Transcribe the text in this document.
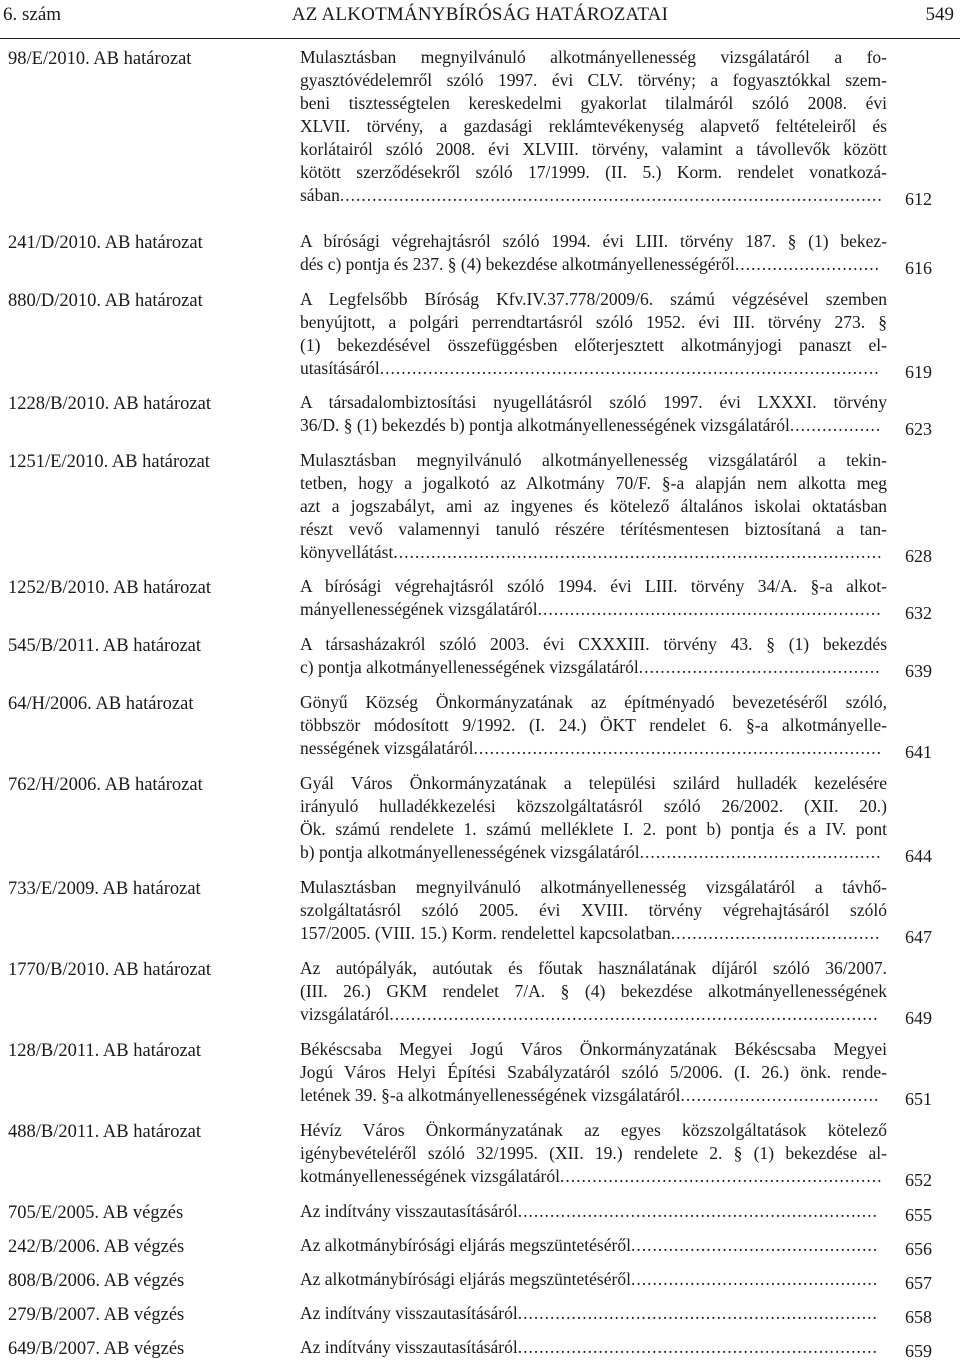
6. szám	AZ ALKOTMÁNYBÍRÓSÁG HATÁROZATAI	549
98/E/2010. AB határozat	Mulasztásban megnyilvánuló alkotmányellenesség vizsgálatáról a fo-
gyasztóvédelemről szóló 1997. évi CLV. törvény; a fogyasztókkal szem-
beni tisztességtelen kereskedelmi gyakorlat tilalmáról szóló 2008. évi
XLVII. törvény, a gazdasági reklámtevékenység alapvető feltételeiről és
korlátairól szóló 2008. évi XLVIII. törvény, valamint a távollevők között
kötött szerződésekről szóló 17/1999. (II. 5.) Korm. rendelet vonatkozá-
sában..................................................................................................... 612
241/D/2010. AB határozat	A bírósági végrehajtásról szóló 1994. évi LIII. törvény 187. § (1) bekez-
dés c) pontja és 237. § (4) bekezdése alkotmányellenességéről...........................	616
880/D/2010. AB határozat	A Legfelsőbb Bíróság Kfv.IV.37.778/2009/6. számú végzésével szemben
benyújtott, a polgári perrendtartásról szóló 1952. évi III. törvény 273. §
(1) bekezdésével összefüggésben előterjesztett alkotmányjogi panaszt el-
utasításáról.............................................................................................	619
1228/B/2010. AB határozat	A társadalombiztosítási nyugellátásról szóló 1997. évi LXXXI. törvény
36/D. § (1) bekezdés b) pontja alkotmányellenességének vizsgálatáról.................	623
1251/E/2010. AB határozat	Mulasztásban megnyilvánuló alkotmányellenesség vizsgálatáról a tekin-
tetben, hogy a jogalkotó az Alkotmány 70/F. §-a alapján nem alkotta meg
azt a jogszabályt, ami az ingyenes és kötelező általános iskolai oktatásban
részt vevő valamennyi tanuló részére térítésmentesen biztosítaná a tan-
könyvellátást........................................................................................... 628
1252/B/2010. AB határozat	A bírósági végrehajtásról szóló 1994. évi LIII. törvény 34/A. §-a alkot-
mányellenességének vizsgálatáról................................................................ 632
545/B/2011. AB határozat	A társasházakról szóló 2003. évi CXXXIII. törvény 43. § (1) bekezdés
c) pontja alkotmányellenességének vizsgálatáról.............................................	639
64/H/2006. AB határozat	Gönyű Község Önkormányzatának az építményadó bevezetéséről szóló,
többször módosított 9/1992. (I. 24.) ÖKT rendelet 6. §-a alkotmányelle-
nességének vizsgálatáról............................................................................ 641
762/H/2006. AB határozat	Gyál Város Önkormányzatának a települési szilárd hulladék kezelésére
irányuló hulladékkezelési közszolgáltatásról szóló 26/2002. (XII. 20.)
Ök. számú rendelete 1. számú melléklete I. 2. pont b) pontja és a IV. pont
b) pontja alkotmányellenességének vizsgálatáról.............................................	644
733/E/2009. AB határozat	Mulasztásban megnyilvánuló alkotmányellenesség vizsgálatáról a távhő-
szolgáltatásról szóló 2005. évi XVIII. törvény végrehajtásáról szóló
157/2005. (VIII. 15.) Korm. rendelettel kapcsolatban.......................................	647
1770/B/2010. AB határozat	Az autópályák, autóutak és főutak használatának díjáról szóló 36/2007.
(III. 26.) GKM rendelet 7/A. § (4) bekezdése alkotmányellenességének
vizsgálatáról...........................................................................................	649
128/B/2011. AB határozat	Békéscsaba Megyei Jogú Város Önkormányzatának Békéscsaba Megyei
Jogú Város Helyi Építési Szabályzatáról szóló 5/2006. (I. 26.) önk. rende-
letének 39. §-a alkotmányellenességének vizsgálatáról.....................................	651
488/B/2011. AB határozat	Hévíz Város Önkormányzatának az egyes közszolgáltatások kötelező
igénybevételéről szóló 32/1995. (XII. 19.) rendelete 2. § (1) bekezdése al-
kotmányellenességének vizsgálatáról............................................................ 652
705/E/2005. AB végzés	Az indítvány visszautasításáról...................................................................	655
242/B/2006. AB végzés	Az alkotmánybírósági eljárás megszüntetéséről..............................................	656
808/B/2006. AB végzés	Az alkotmánybírósági eljárás megszüntetéséről..............................................	657
279/B/2007. AB végzés	Az indítvány visszautasításáról...................................................................	658
649/B/2007. AB végzés	Az indítvány visszautasításáról...................................................................	659
